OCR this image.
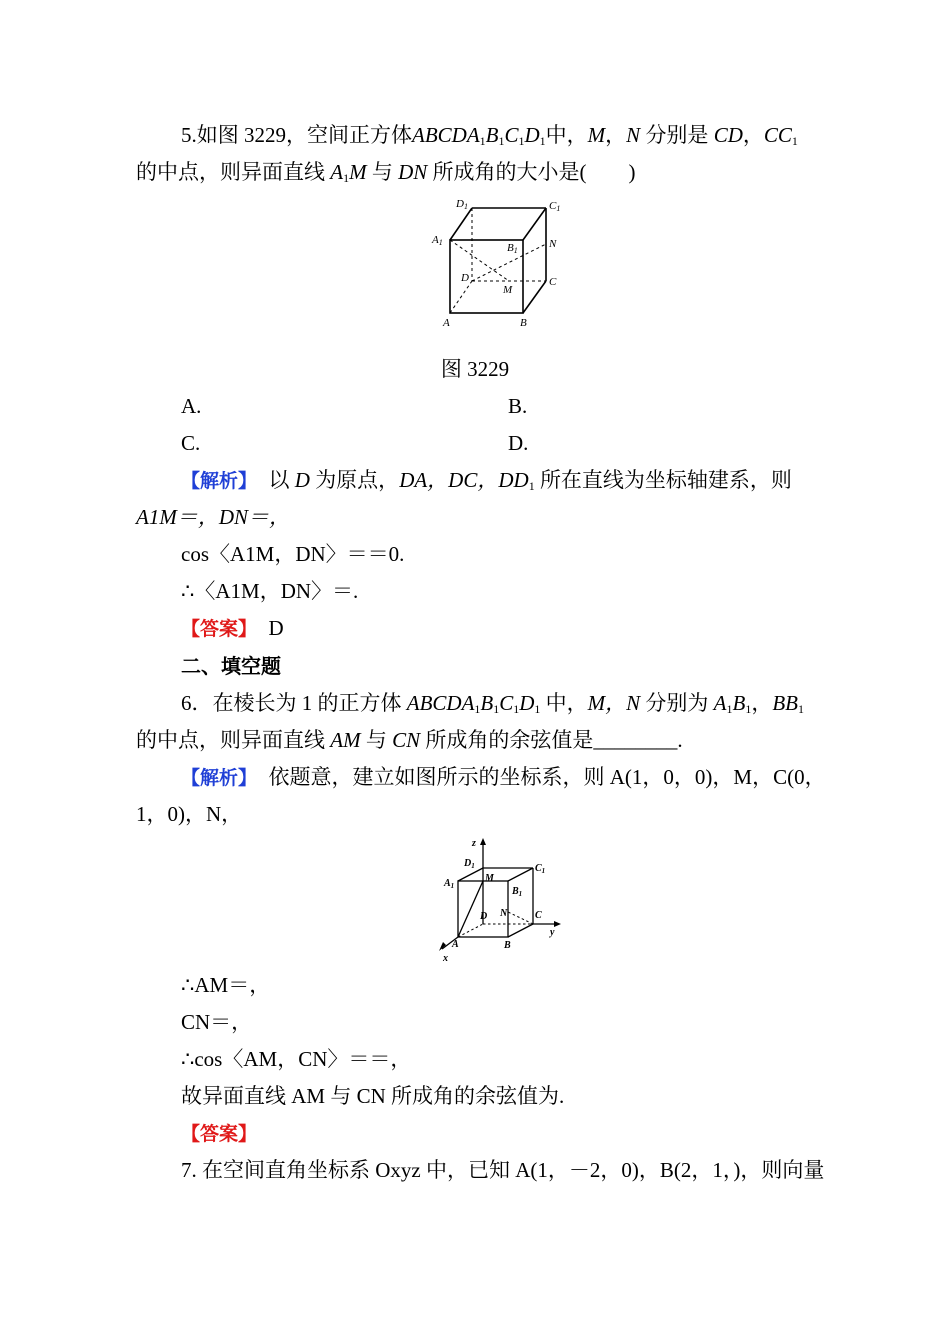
5.如图 3229，空间正方体$ABCDA_1B_1C_1D_1$中，M，N 分别是 CD，$CC_1$
的中点，则异面直线 $A_1M$ 与 DN 所成角的大小是(　　)
D1	C1
A1	B1
N
D
M
C
A	B
图 3229
A.	B.
C.	D.
【解析】　以 D 为原点，DA，DC，$DD_1$ 所在直线为坐标轴建系，则
A1M＝，DN＝，
cos〈A1M，DN〉＝＝0.
∴〈A1M，DN〉＝.
【答案】　D
二、填空题
6．在棱长为 1 的正方体 $ABCDA_1B_1C_1D_1$ 中，M，N 分别为 $A_1B_1$，$BB_1$
的中点，则异面直线 AM 与 CN 所成角的余弦值是________.
【解析】　依题意，建立如图所示的坐标系，则 A(1，0，0)，M，C(0，
1，0)，N，
z
$D_1$	$C_1$
$A_1$
M
$B_1$
D N	C
y
A	B
x
∴AM＝，
CN＝，
∴cos〈AM，CN〉＝＝，
故异面直线 AM 与 CN 所成角的余弦值为.
【答案】
7. 在空间直角坐标系 Oxyz 中，已知 A(1，－2，0)，B(2，1，)，则向量
